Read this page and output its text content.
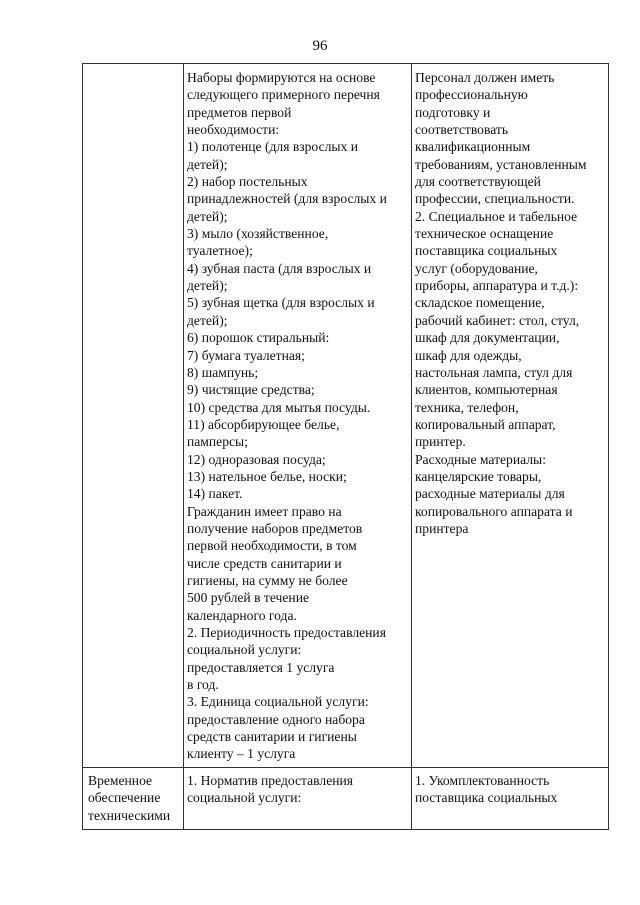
96
Наборы формируются на основе
следующего примерного перечня
предметов первой
необходимости:
1) полотенце (для взрослых и
детей);
2) набор постельных
принадлежностей (для взрослых и
детей);
3) мыло (хозяйственное,
туалетное);
4) зубная паста (для взрослых и
детей);
5) зубная щетка (для взрослых и
детей);
6) порошок стиральный:
7) бумага туалетная;
8) шампунь;
9) чистящие средства;
10) средства для мытья посуды.
11) абсорбирующее белье,
памперсы;
12) одноразовая посуда;
13) нательное белье, носки;
14) пакет.
Гражданин имеет право на
получение наборов предметов
первой необходимости, в том
числе средств санитарии и
гигиены, на сумму не более
500 рублей в течение
календарного года.
2. Периодичность предоставления
социальной услуги:
предоставляется 1 услуга
в год.
3. Единица социальной услуги:
предоставление одного набора
средств санитарии и гигиены
клиенту – 1 услуга
Персонал должен иметь
профессиональную
подготовку и
соответствовать
квалификационным
требованиям, установленным
для соответствующей
профессии, специальности.
2. Специальное и табельное
техническое оснащение
поставщика социальных
услуг (оборудование,
приборы, аппаратура и т.д.):
складское помещение,
рабочий кабинет: стол, стул,
шкаф для документации,
шкаф для одежды,
настольная лампа, стул для
клиентов, компьютерная
техника, телефон,
копировальный аппарат,
принтер.
Расходные материалы:
канцелярские товары,
расходные материалы для
копировального аппарата и
принтера
Временное
обеспечение
техническими
1. Норматив предоставления
социальной услуги:
1. Укомплектованность
поставщика социальных
